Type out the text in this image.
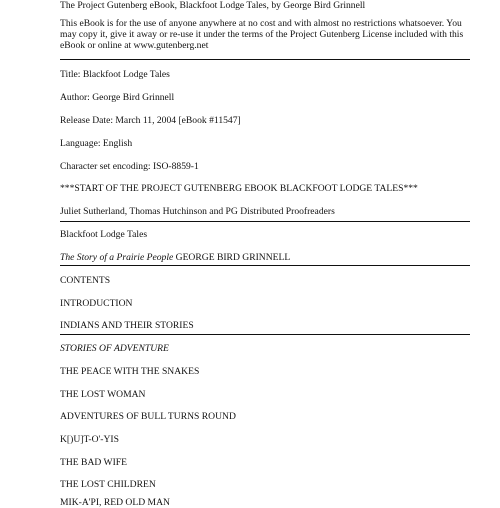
The Project Gutenberg eBook, Blackfoot Lodge Tales, by George Bird Grinnell
This eBook is for the use of anyone anywhere at no cost and with almost no restrictions whatsoever. You may copy it, give it away or re-use it under the terms of the Project Gutenberg License included with this eBook or online at www.gutenberg.net
Title: Blackfoot Lodge Tales
Author: George Bird Grinnell
Release Date: March 11, 2004 [eBook #11547]
Language: English
Character set encoding: ISO-8859-1
***START OF THE PROJECT GUTENBERG EBOOK BLACKFOOT LODGE TALES***
Juliet Sutherland, Thomas Hutchinson and PG Distributed Proofreaders
Blackfoot Lodge Tales
The Story of a Prairie People GEORGE BIRD GRINNELL
CONTENTS
INTRODUCTION
INDIANS AND THEIR STORIES
STORIES OF ADVENTURE
THE PEACE WITH THE SNAKES
THE LOST WOMAN
ADVENTURES OF BULL TURNS ROUND
K[)U]T-O'-YIS
THE BAD WIFE
THE LOST CHILDREN
MIK-A'PI, RED OLD MAN
